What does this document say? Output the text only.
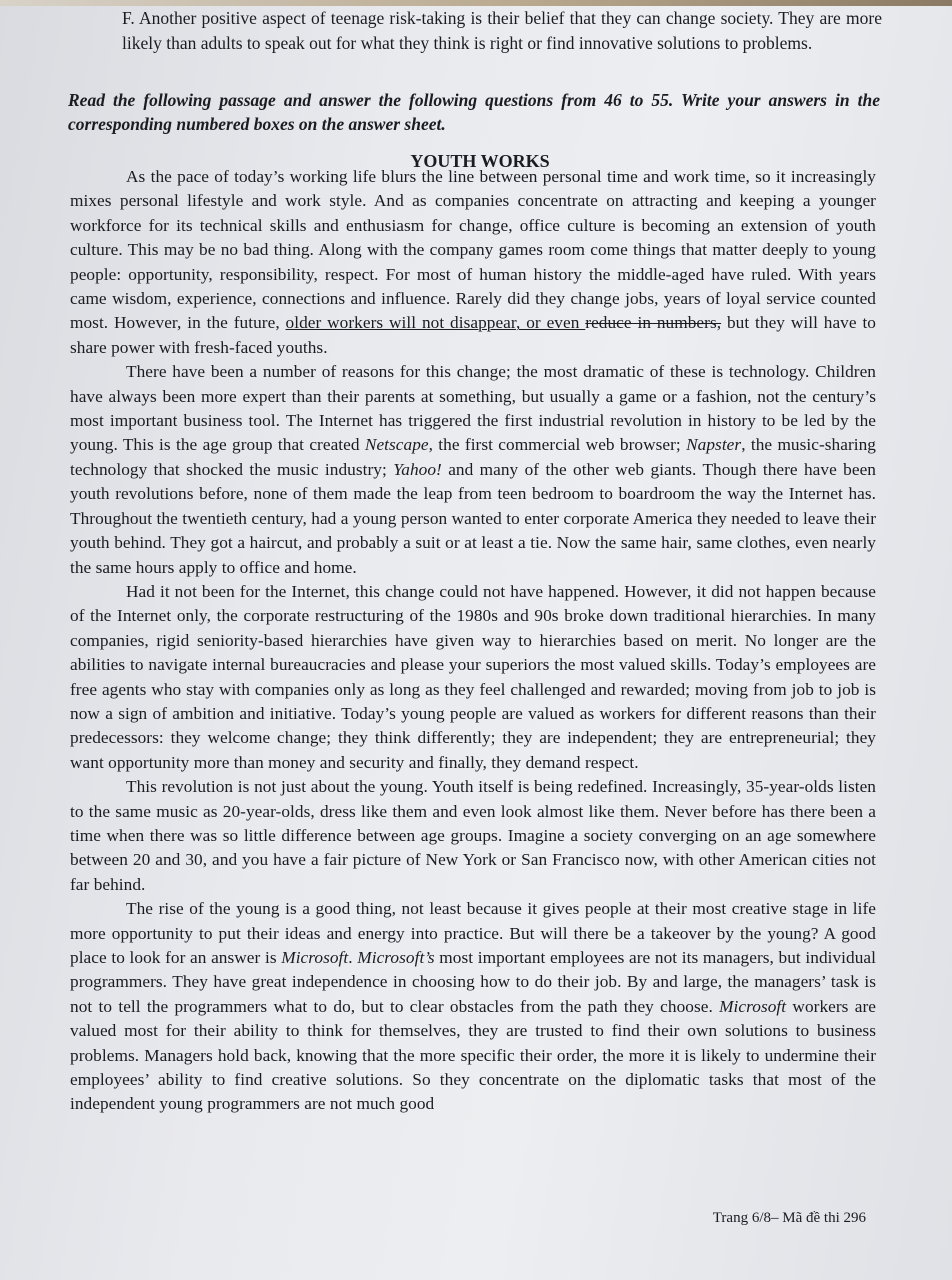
F. Another positive aspect of teenage risk-taking is their belief that they can change society. They are more likely than adults to speak out for what they think is right or find innovative solutions to problems.
Read the following passage and answer the following questions from 46 to 55. Write your answers in the corresponding numbered boxes on the answer sheet.
YOUTH WORKS

As the pace of today’s working life blurs the line between personal time and work time, so it increasingly mixes personal lifestyle and work style. And as companies concentrate on attracting and keeping a younger workforce for its technical skills and enthusiasm for change, office culture is becoming an extension of youth culture. This may be no bad thing. Along with the company games room come things that matter deeply to young people: opportunity, responsibility, respect. For most of human history the middle-aged have ruled. With years came wisdom, experience, connections and influence. Rarely did they change jobs, years of loyal service counted most. However, in the future, older workers will not disappear, or even reduce in numbers, but they will have to share power with fresh-faced youths.

There have been a number of reasons for this change; the most dramatic of these is technology. Children have always been more expert than their parents at something, but usually a game or a fashion, not the century’s most important business tool. The Internet has triggered the first industrial revolution in history to be led by the young. This is the age group that created Netscape, the first commercial web browser; Napster, the music-sharing technology that shocked the music industry; Yahoo! and many of the other web giants. Though there have been youth revolutions before, none of them made the leap from teen bedroom to boardroom the way the Internet has. Throughout the twentieth century, had a young person wanted to enter corporate America they needed to leave their youth behind. They got a haircut, and probably a suit or at least a tie. Now the same hair, same clothes, even nearly the same hours apply to office and home.

Had it not been for the Internet, this change could not have happened. However, it did not happen because of the Internet only, the corporate restructuring of the 1980s and 90s broke down traditional hierarchies. In many companies, rigid seniority-based hierarchies have given way to hierarchies based on merit. No longer are the abilities to navigate internal bureaucracies and please your superiors the most valued skills. Today’s employees are free agents who stay with companies only as long as they feel challenged and rewarded; moving from job to job is now a sign of ambition and initiative. Today’s young people are valued as workers for different reasons than their predecessors: they welcome change; they think differently; they are independent; they are entrepreneurial; they want opportunity more than money and security and finally, they demand respect.

This revolution is not just about the young. Youth itself is being redefined. Increasingly, 35-year-olds listen to the same music as 20-year-olds, dress like them and even look almost like them. Never before has there been a time when there was so little difference between age groups. Imagine a society converging on an age somewhere between 20 and 30, and you have a fair picture of New York or San Francisco now, with other American cities not far behind.

The rise of the young is a good thing, not least because it gives people at their most creative stage in life more opportunity to put their ideas and energy into practice. But will there be a takeover by the young? A good place to look for an answer is Microsoft. Microsoft’s most important employees are not its managers, but individual programmers. They have great independence in choosing how to do their job. By and large, the managers’ task is not to tell the programmers what to do, but to clear obstacles from the path they choose. Microsoft workers are valued most for their ability to think for themselves, they are trusted to find their own solutions to business problems. Managers hold back, knowing that the more specific their order, the more it is likely to undermine their employees’ ability to find creative solutions. So they concentrate on the diplomatic tasks that most of the independent young programmers are not much good

Trang 6/8– Mã đề thi 296
